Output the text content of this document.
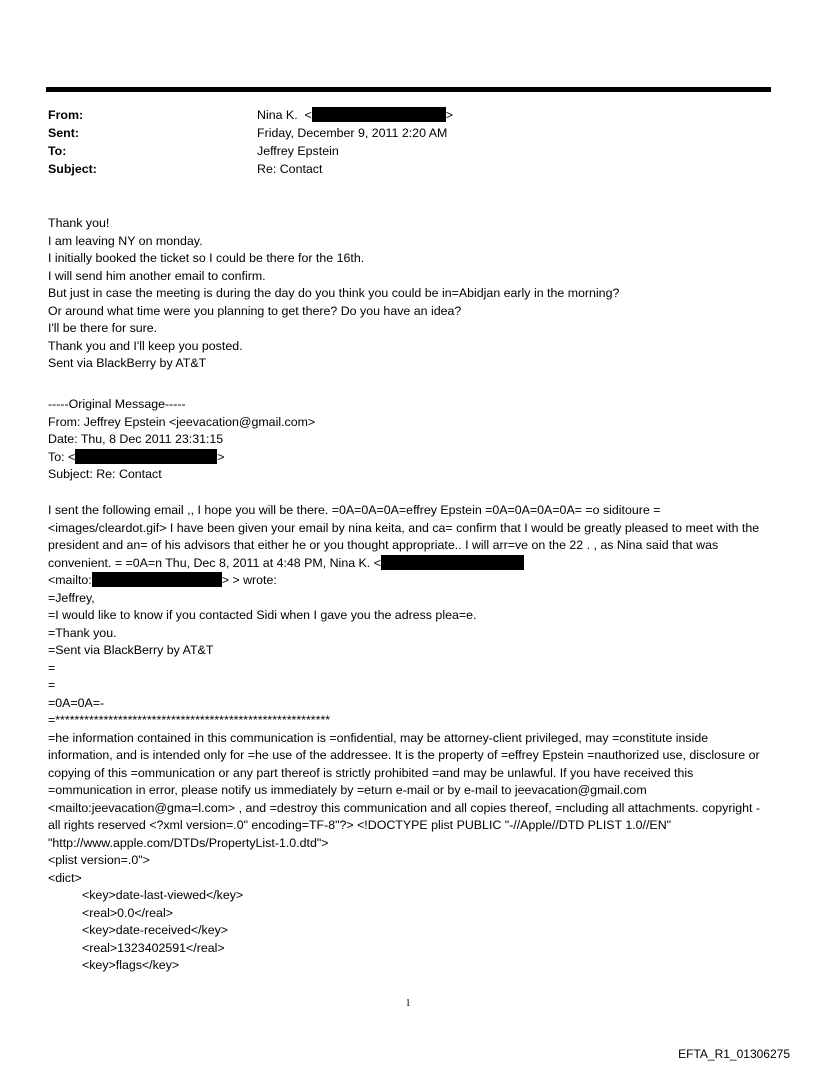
From:	Nina K. <	>
Sent:	Friday, December 9, 2011 2:20 AM
To:	Jeffrey Epstein
Subject:	Re: Contact
Thank you!
I am leaving NY on monday.
I initially booked the ticket so I could be there for the 16th.
I will send him another email to confirm.
But just in case the meeting is during the day do you think you could be in=Abidjan early in the morning?
Or around what time were you planning to get there? Do you have an idea?
I'll be there for sure.
Thank you and I'll keep you posted.
Sent via BlackBerry by AT&T
-----Original Message-----
From: Jeffrey Epstein <jeevacation@gmail.com>
Date: Thu, 8 Dec 2011 23:31:15
To: <	>
Subject: Re: Contact
I sent the following email ,, I hope you will be there. =0A=0A=0A=effrey Epstein =0A=0A=0A=0A= =o siditoure = <images/cleardot.gif> I have been given your email by nina keita, and ca= confirm that I would be greatly pleased to meet with the president and an= of his advisors that either he or you thought appropriate.. I will arr=ve on the 22 . , as Nina said that was convenient. = =0A=n Thu, Dec 8, 2011 at 4:48 PM, Nina K. <
<mailto:	> > wrote:
=Jeffrey,
=I would like to know if you contacted Sidi when I gave you the adress plea=e.
=Thank you.
=Sent via BlackBerry by AT&T
=
=
=0A=0A=-
=*********************************************************
=he information contained in this communication is =onfidential, may be attorney-client privileged, may =constitute inside information, and is intended only for =he use of the addressee. It is the property of =effrey Epstein =nauthorized use, disclosure or copying of this =ommunication or any part thereof is strictly prohibited =and may be unlawful. If you have received this =ommunication in error, please notify us immediately by =eturn e-mail or by e-mail to jeevacation@gmail.com <mailto:jeevacation@gma=l.com> , and =destroy this communication and all copies thereof, =ncluding all attachments. copyright -all rights reserved <?xml version=.0" encoding=TF-8"?> <!DOCTYPE plist PUBLIC "-//Apple//DTD PLIST 1.0//EN" "http://www.apple.com/DTDs/PropertyList-1.0.dtd">
<plist version=.0">
<dict>
<key>date-last-viewed</key>
<real>0.0</real>
<key>date-received</key>
<real>1323402591</real>
<key>flags</key>
1
EFTA_R1_01306275
